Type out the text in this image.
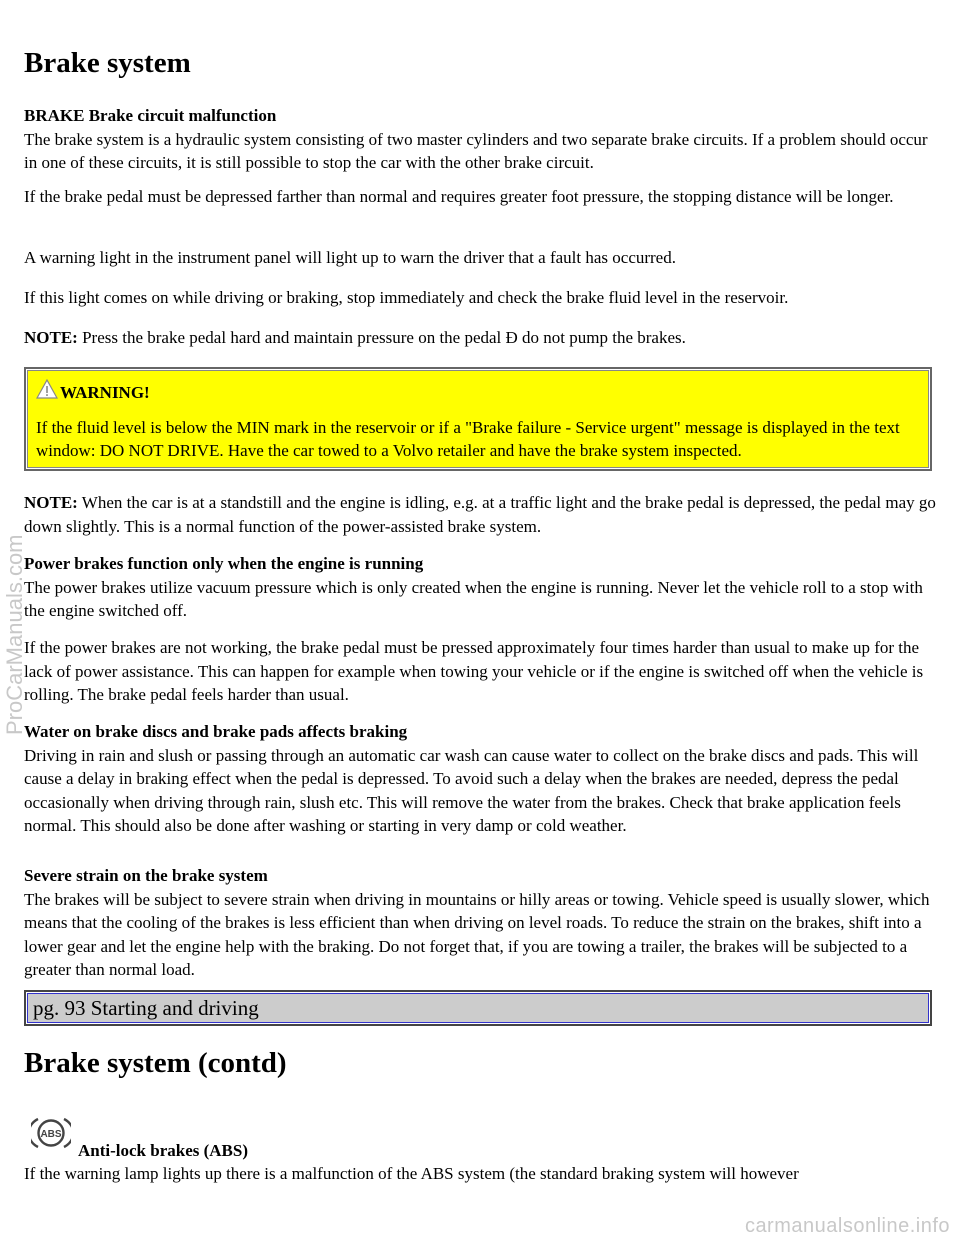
ProCarManuals.com
Brake system
BRAKE Brake circuit malfunction

The brake system is a hydraulic system consisting of two master cylinders and two separate brake circuits. If a problem should occur in one of these circuits, it is still possible to stop the car with the other brake circuit.

If the brake pedal must be depressed farther than normal and requires greater foot pressure, the stopping distance will be longer.

A warning light in the instrument panel will light up to warn the driver that a fault has occurred.

If this light comes on while driving or braking, stop immediately and check the brake fluid level in the reservoir.

NOTE: Press the brake pedal hard and maintain pressure on the pedal Đ do not pump the brakes.

WARNING!

If the fluid level is below the MIN mark in the reservoir or if a "Brake failure - Service urgent" message is displayed in the text window: DO NOT DRIVE. Have the car towed to a Volvo retailer and have the brake system inspected.

NOTE: When the car is at a standstill and the engine is idling, e.g. at a traffic light and the brake pedal is depressed, the pedal may go down slightly. This is a normal function of the power-assisted brake system.

Power brakes function only when the engine is running

The power brakes utilize vacuum pressure which is only created when the engine is running. Never let the vehicle roll to a stop with the engine switched off.

If the power brakes are not working, the brake pedal must be pressed approximately four times harder than usual to make up for the lack of power assistance. This can happen for example when towing your vehicle or if the engine is switched off when the vehicle is rolling. The brake pedal feels harder than usual.

Water on brake discs and brake pads affects braking

Driving in rain and slush or passing through an automatic car wash can cause water to collect on the brake discs and pads. This will cause a delay in braking effect when the pedal is depressed. To avoid such a delay when the brakes are needed, depress the pedal occasionally when driving through rain, slush etc. This will remove the water from the brakes. Check that brake application feels normal. This should also be done after washing or starting in very damp or cold weather.

Severe strain on the brake system

The brakes will be subject to severe strain when driving in mountains or hilly areas or towing. Vehicle speed is usually slower, which means that the cooling of the brakes is less efficient than when driving on level roads. To reduce the strain on the brakes, shift into a lower gear and let the engine help with the braking. Do not forget that, if you are towing a trailer, the brakes will be subjected to a greater than normal load.

pg. 93 Starting and driving
Brake system (contd)
ABS
Anti-lock brakes (ABS)

If the warning lamp lights up there is a malfunction of the ABS system (the standard braking system will however

carmanualsonline.info
